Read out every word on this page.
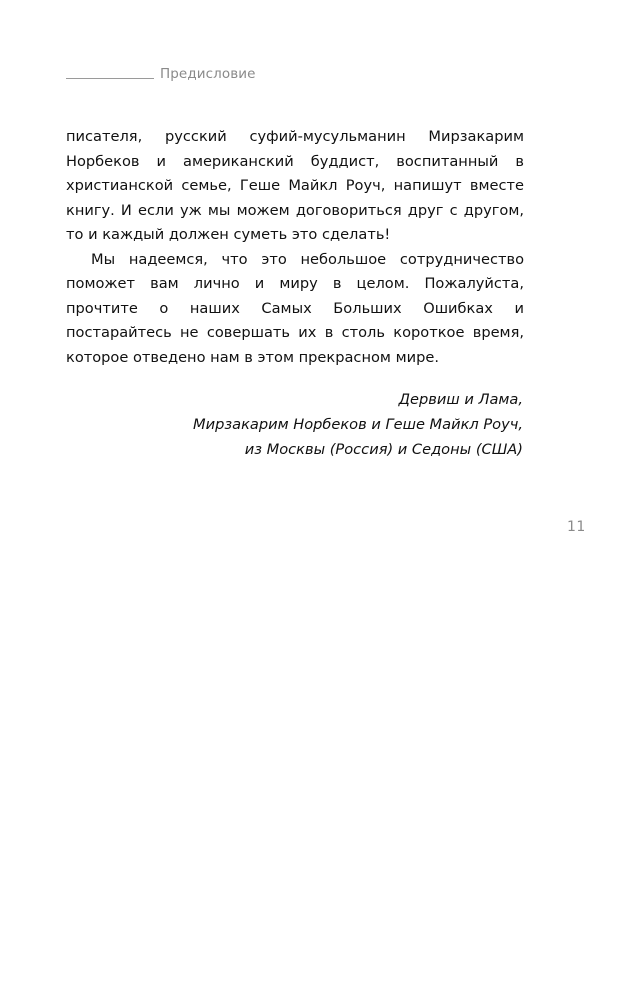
Предисловие

писателя, русский суфий-мусульманин Мирзакарим Норбеков и американский буддист, воспитанный в христианской семье, Геше Майкл Роуч, напишут вместе книгу. И если уж мы можем договориться друг с другом, то и каждый должен суметь это сделать!

Мы надеемся, что это небольшое сотрудничество поможет вам лично и миру в целом. Пожалуйста, прочтите о наших Самых Больших Ошибках и постарайтесь не совершать их в столь короткое время, которое отведено нам в этом прекрасном мире.

Дервиш и Лама,
Мирзакарим Норбеков и Геше Майкл Роуч,
из Москвы (Россия) и Седоны (США)
11
